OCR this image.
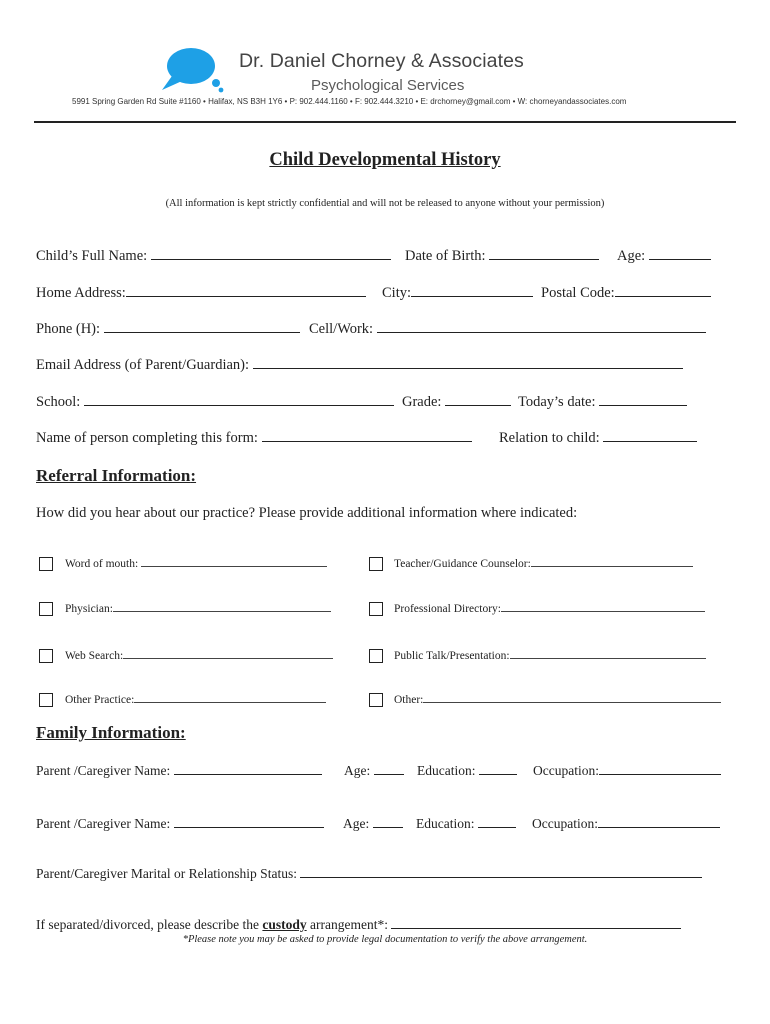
Dr. Daniel Chorney & Associates
Psychological Services
5991 Spring Garden Rd Suite #1160 • Halifax, NS B3H 1Y6 • P: 902.444.1160 • F: 902.444.3210 • E: drchorney@gmail.com • W: chorneyandassociates.com
Child Developmental History
(All information is kept strictly confidential and will not be released to anyone without your permission)
Child’s Full Name:	Date of Birth:	Age:
Home Address:	City:	Postal Code:
Phone (H):	Cell/Work:
Email Address (of Parent/Guardian):
School:	Grade:	Today’s date:
Name of person completing this form:	Relation to child:
Referral Information:
How did you hear about our practice? Please provide additional information where indicated:
Word of mouth:	Teacher/Guidance Counselor:
Physician:	Professional Directory:
Web Search:	Public Talk/Presentation:
Other Practice:	Other:
Family Information:
Parent /Caregiver Name:	Age:	Education:	Occupation:
Parent /Caregiver Name:	Age:	Education:	Occupation:
Parent/Caregiver Marital or Relationship Status:
If separated/divorced, please describe the custody arrangement*:
*Please note you may be asked to provide legal documentation to verify the above arrangement.
